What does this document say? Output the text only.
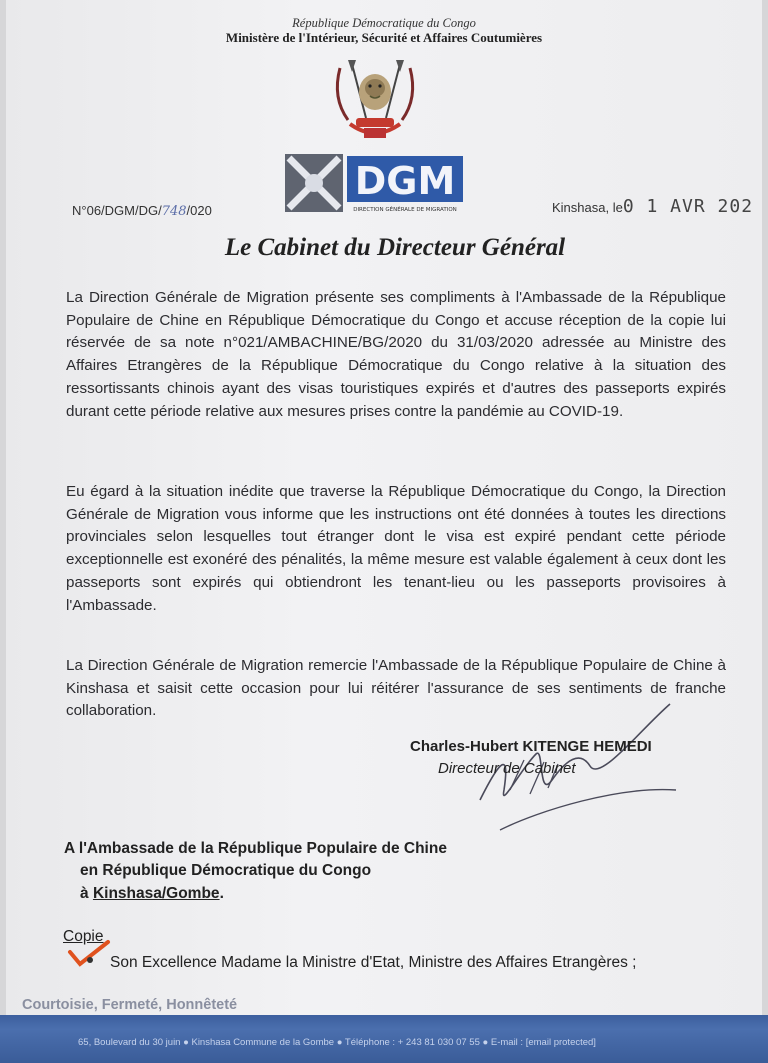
République Démocratique du Congo
Ministère de l'Intérieur, Sécurité et Affaires Coutumières
DGM
DIRECTION GÉNÉRALE DE MIGRATION
N°06/DGM/DG/748/020	Kinshasa, le0 1 AVR 202
Le Cabinet du Directeur Général

La Direction Générale de Migration présente ses compliments à l'Ambassade de la République Populaire de Chine en République Démocratique du Congo et accuse réception de la copie lui réservée de sa note n°021/AMBACHINE/BG/2020 du 31/03/2020 adressée au Ministre des Affaires Etrangères de la République Démocratique du Congo relative à la situation des ressortissants chinois ayant des visas touristiques expirés et d'autres des passeports expirés durant cette période relative aux mesures prises contre la pandémie au COVID-19.

Eu égard à la situation inédite que traverse la République Démocratique du Congo, la Direction Générale de Migration vous informe que les instructions ont été données à toutes les directions provinciales selon lesquelles tout étranger dont le visa est expiré pendant cette période exceptionnelle est exonéré des pénalités, la même mesure est valable également à ceux dont les passeports sont expirés qui obtiendront les tenant-lieu ou les passeports provisoires à l'Ambassade.

La Direction Générale de Migration remercie l'Ambassade de la République Populaire de Chine à Kinshasa et saisit cette occasion pour lui réitérer l'assurance de ses sentiments de franche collaboration.

Charles-Hubert KITENGE HEMEDI
Directeur de Cabinet
A l'Ambassade de la République Populaire de Chine
en République Démocratique du Congo
à Kinshasa/Gombe.
Copie
Son Excellence Madame la Ministre d'Etat, Ministre des Affaires Etrangères ;
Courtoisie, Fermeté, Honnêteté
65, Boulevard du 30 juin ● Kinshasa Commune de la Gombe ● Téléphone : + 243 81 030 07 55 ● E-mail : [email protected]
